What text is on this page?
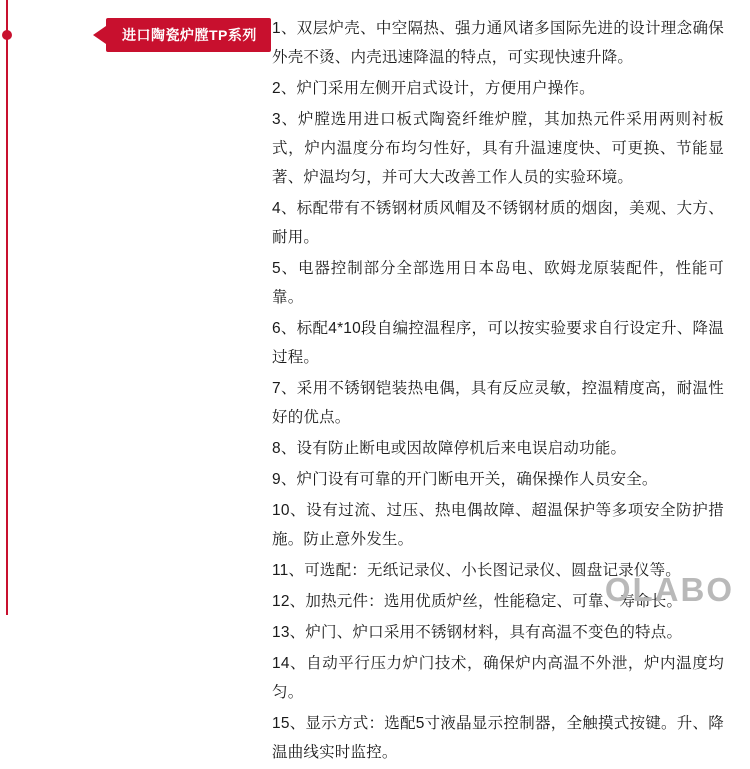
进口陶瓷炉膛TP系列 1、双层炉壳、中空隔热、强力通风诸多国际先进的设计理念确保外壳不烫、内壳迅速降温的特点，可实现快速升降。

2、炉门采用左侧开启式设计，方便用户操作。

3、炉膛选用进口板式陶瓷纤维炉膛，其加热元件采用两则衬板式，炉内温度分布均匀性好，具有升温速度快、可更换、节能显著、炉温均匀，并可大大改善工作人员的实验环境。

4、标配带有不锈钢材质风帽及不锈钢材质的烟囱，美观、大方、耐用。

5、电器控制部分全部选用日本岛电、欧姆龙原装配件，性能可靠。

6、标配4*10段自编控温程序，可以按实验要求自行设定升、降温过程。

7、采用不锈钢铠装热电偶，具有反应灵敏，控温精度高，耐温性好的优点。

8、设有防止断电或因故障停机后来电误启动功能。

9、炉门设有可靠的开门断电开关，确保操作人员安全。

10、设有过流、过压、热电偶故障、超温保护等多项安全防护措施。防止意外发生。

11、可选配：无纸记录仪、小长图记录仪、圆盘记录仪等。

12、加热元件：选用优质炉丝，性能稳定、可靠、寿命长。

13、炉门、炉口采用不锈钢材料，具有高温不变色的特点。

14、自动平行压力炉门技术，确保炉内高温不外泄，炉内温度均匀。

15、显示方式：选配5寸液晶显示控制器，全触摸式按键。升、降温曲线实时监控。

OLABO
